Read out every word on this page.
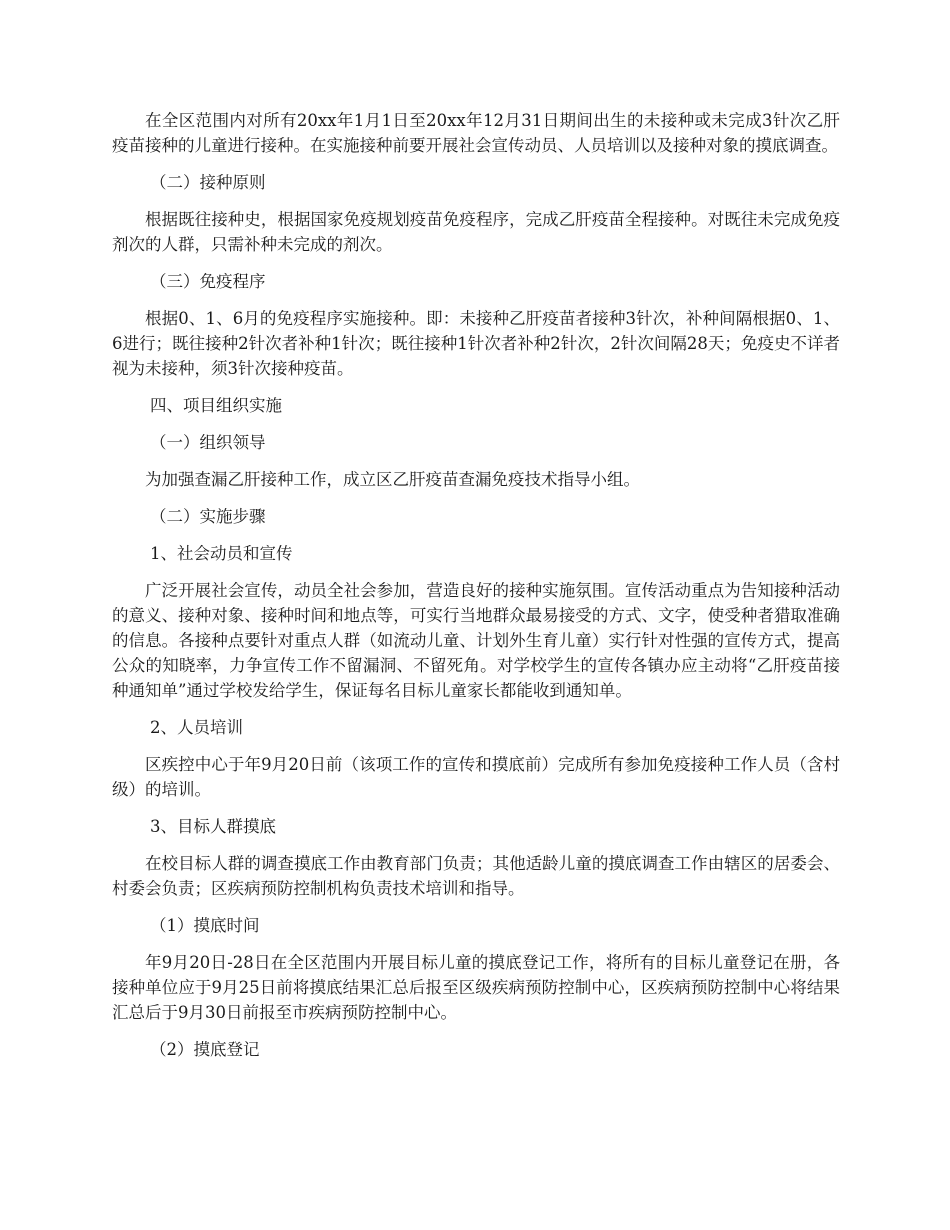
在全区范围内对所有20xx年1月1日至20xx年12月31日期间出生的未接种或未完成3针次乙肝疫苗接种的儿童进行接种。在实施接种前要开展社会宣传动员、人员培训以及接种对象的摸底调查。

（二）接种原则

根据既往接种史，根据国家免疫规划疫苗免疫程序，完成乙肝疫苗全程接种。对既往未完成免疫剂次的人群，只需补种未完成的剂次。

（三）免疫程序

根据0、1、6月的免疫程序实施接种。即：未接种乙肝疫苗者接种3针次，补种间隔根据0、1、6进行；既往接种2针次者补种1针次；既往接种1针次者补种2针次，2针次间隔28天；免疫史不详者视为未接种，须3针次接种疫苗。

四、项目组织实施

（一）组织领导

为加强查漏乙肝接种工作，成立区乙肝疫苗查漏免疫技术指导小组。

（二）实施步骤

1、社会动员和宣传

广泛开展社会宣传，动员全社会参加，营造良好的接种实施氛围。宣传活动重点为告知接种活动的意义、接种对象、接种时间和地点等，可实行当地群众最易接受的方式、文字，使受种者猎取准确的信息。各接种点要针对重点人群（如流动儿童、计划外生育儿童）实行针对性强的宣传方式，提高公众的知晓率，力争宣传工作不留漏洞、不留死角。对学校学生的宣传各镇办应主动将“乙肝疫苗接种通知单”通过学校发给学生，保证每名目标儿童家长都能收到通知单。

2、人员培训

区疾控中心于年9月20日前（该项工作的宣传和摸底前）完成所有参加免疫接种工作人员（含村级）的培训。

3、目标人群摸底

在校目标人群的调查摸底工作由教育部门负责；其他适龄儿童的摸底调查工作由辖区的居委会、村委会负责；区疾病预防控制机构负责技术培训和指导。

（1）摸底时间

年9月20日-28日在全区范围内开展目标儿童的摸底登记工作，将所有的目标儿童登记在册，各接种单位应于9月25日前将摸底结果汇总后报至区级疾病预防控制中心，区疾病预防控制中心将结果汇总后于9月30日前报至市疾病预防控制中心。

（2）摸底登记
